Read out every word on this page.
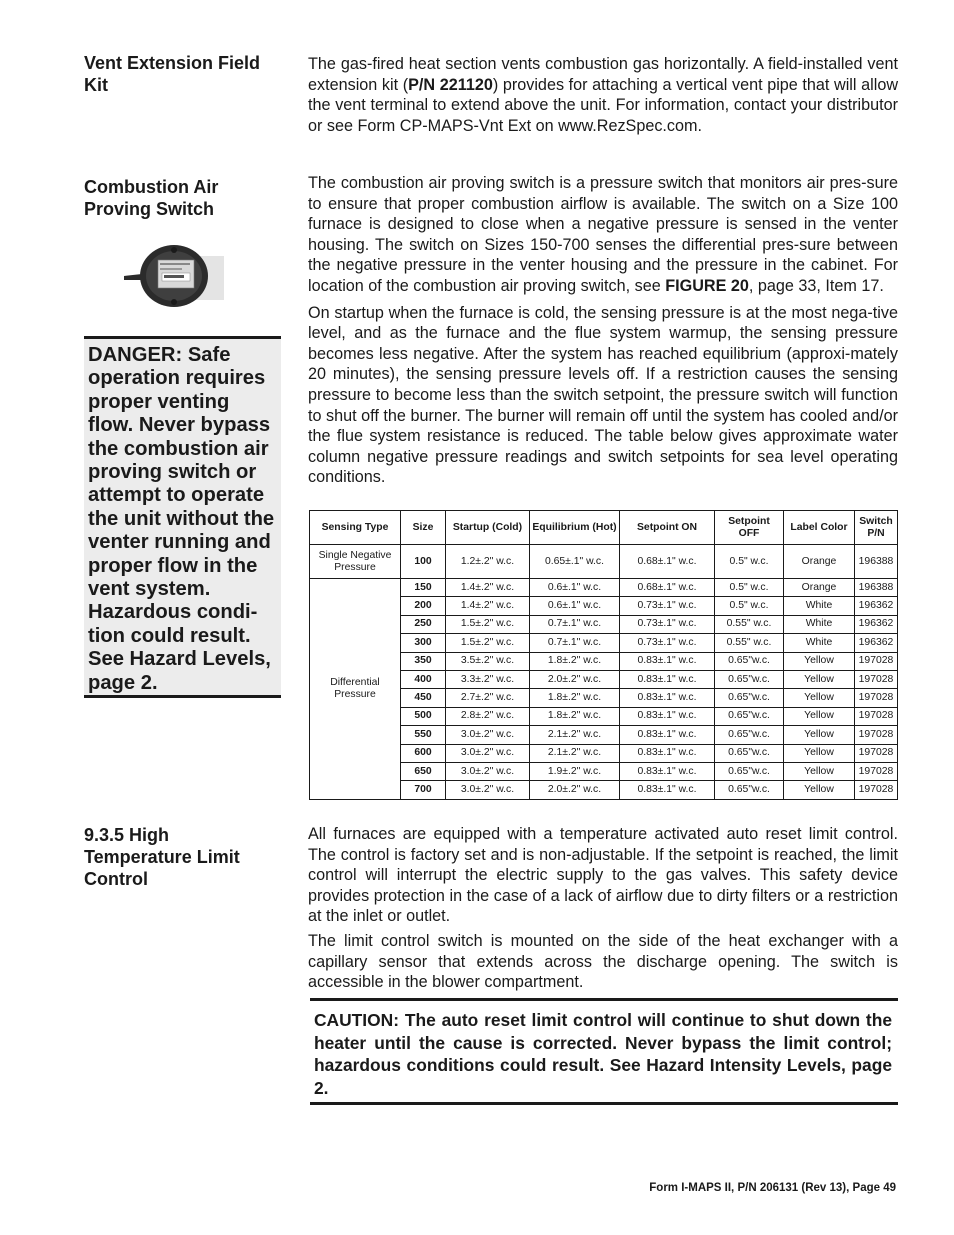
Vent Extension Field Kit

The gas-fired heat section vents combustion gas horizontally. A field-installed vent extension kit (P/N 221120) provides for attaching a vertical vent pipe that will allow the vent terminal to extend above the unit. For information, contact your distributor or see Form CP-MAPS-Vnt Ext on www.RezSpec.com.

Combustion Air Proving Switch
DANGER: Safe operation requires proper venting flow. Never bypass the combustion air proving switch or attempt to operate the unit without the venter running and proper flow in the vent system. Hazardous condi-tion could result. See Hazard Levels, page 2.

The combustion air proving switch is a pressure switch that monitors air pres-sure to ensure that proper combustion airflow is available. The switch on a Size 100 furnace is designed to close when a negative pressure is sensed in the venter housing. The switch on Sizes 150-700 senses the differential pres-sure between the negative pressure in the venter housing and the pressure in the cabinet. For location of the combustion air proving switch, see FIGURE 20, page 33, Item 17.

On startup when the furnace is cold, the sensing pressure is at the most nega-tive level, and as the furnace and the flue system warmup, the sensing pressure becomes less negative. After the system has reached equilibrium (approxi-mately 20 minutes), the sensing pressure levels off. If a restriction causes the sensing pressure to become less than the switch setpoint, the pressure switch will function to shut off the burner. The burner will remain off until the system has cooled and/or the flue system resistance is reduced. The table below gives approximate water column negative pressure readings and switch setpoints for sea level operating conditions.

Sensing Type	Size	Startup (Cold)	Equilibrium (Hot)	Setpoint ON	Setpoint OFF	Label Color	Switch P/N
Single Negative Pressure	100	1.2±.2" w.c.	0.65±.1" w.c.	0.68±.1" w.c.	0.5" w.c.	Orange	196388
Differential Pressure	150	1.4±.2" w.c.	0.6±.1" w.c.	0.68±.1" w.c.	0.5" w.c.	Orange	196388
	200	1.4±.2" w.c.	0.6±.1" w.c.	0.73±.1" w.c.	0.5" w.c.	White	196362
	250	1.5±.2" w.c.	0.7±.1" w.c.	0.73±.1" w.c.	0.55" w.c.	White	196362
	300	1.5±.2" w.c.	0.7±.1" w.c.	0.73±.1" w.c.	0.55" w.c.	White	196362
	350	3.5±.2" w.c.	1.8±.2" w.c.	0.83±.1" w.c.	0.65"w.c.	Yellow	197028
	400	3.3±.2" w.c.	2.0±.2" w.c.	0.83±.1" w.c.	0.65"w.c.	Yellow	197028
	450	2.7±.2" w.c.	1.8±.2" w.c.	0.83±.1" w.c.	0.65"w.c.	Yellow	197028
	500	2.8±.2" w.c.	1.8±.2" w.c.	0.83±.1" w.c.	0.65"w.c.	Yellow	197028
	550	3.0±.2" w.c.	2.1±.2" w.c.	0.83±.1" w.c.	0.65"w.c.	Yellow	197028
	600	3.0±.2" w.c.	2.1±.2" w.c.	0.83±.1" w.c.	0.65"w.c.	Yellow	197028
	650	3.0±.2" w.c.	1.9±.2" w.c.	0.83±.1" w.c.	0.65"w.c.	Yellow	197028
	700	3.0±.2" w.c.	2.0±.2" w.c.	0.83±.1" w.c.	0.65"w.c.	Yellow	197028
9.3.5 High Temperature Limit Control

All furnaces are equipped with a temperature activated auto reset limit control. The control is factory set and is non-adjustable. If the setpoint is reached, the limit control will interrupt the electric supply to the gas valves. This safety device provides protection in the case of a lack of airflow due to dirty filters or a restriction at the inlet or outlet.

The limit control switch is mounted on the side of the heat exchanger with a capillary sensor that extends across the discharge opening. The switch is accessible in the blower compartment.

CAUTION: The auto reset limit control will continue to shut down the heater until the cause is corrected. Never bypass the limit control; hazardous conditions could result. See Hazard Intensity Levels, page 2.
Form I-MAPS II, P/N 206131 (Rev 13), Page 49
